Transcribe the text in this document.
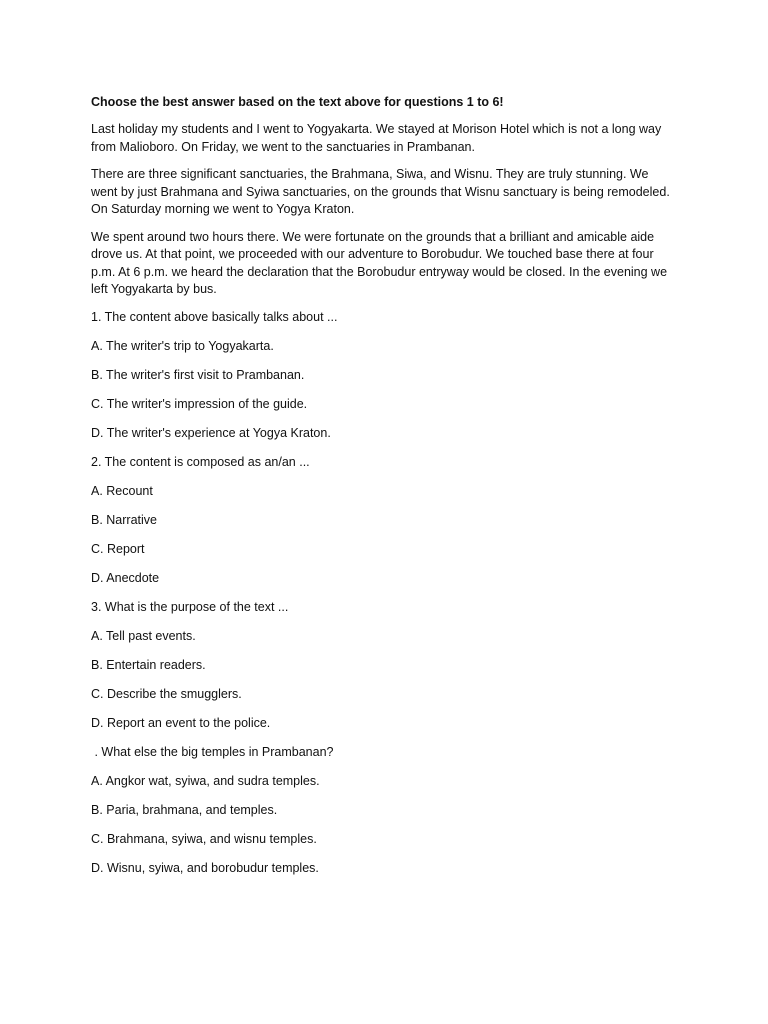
Choose the best answer based on the text above for questions 1 to 6!

Last holiday my students and I went to Yogyakarta. We stayed at Morison Hotel which is not a long way from Malioboro. On Friday, we went to the sanctuaries in Prambanan.

There are three significant sanctuaries, the Brahmana, Siwa, and Wisnu. They are truly stunning. We went by just Brahmana and Syiwa sanctuaries, on the grounds that Wisnu sanctuary is being remodeled. On Saturday morning we went to Yogya Kraton.

We spent around two hours there. We were fortunate on the grounds that a brilliant and amicable aide drove us. At that point, we proceeded with our adventure to Borobudur. We touched base there at four p.m. At 6 p.m. we heard the declaration that the Borobudur entryway would be closed. In the evening we left Yogyakarta by bus.

1. The content above basically talks about ...
A. The writer's trip to Yogyakarta.
B. The writer's first visit to Prambanan.
C. The writer's impression of the guide.
D. The writer's experience at Yogya Kraton.
2. The content is composed as an/an ...
A. Recount
B. Narrative
C. Report
D. Anecdote
3. What is the purpose of the text ...
A. Tell past events.
B. Entertain readers.
C. Describe the smugglers.
D. Report an event to the police.
. What else the big temples in Prambanan?
A. Angkor wat, syiwa, and sudra temples.
B. Paria, brahmana, and temples.
C. Brahmana, syiwa, and wisnu temples.
D. Wisnu, syiwa, and borobudur temples.
